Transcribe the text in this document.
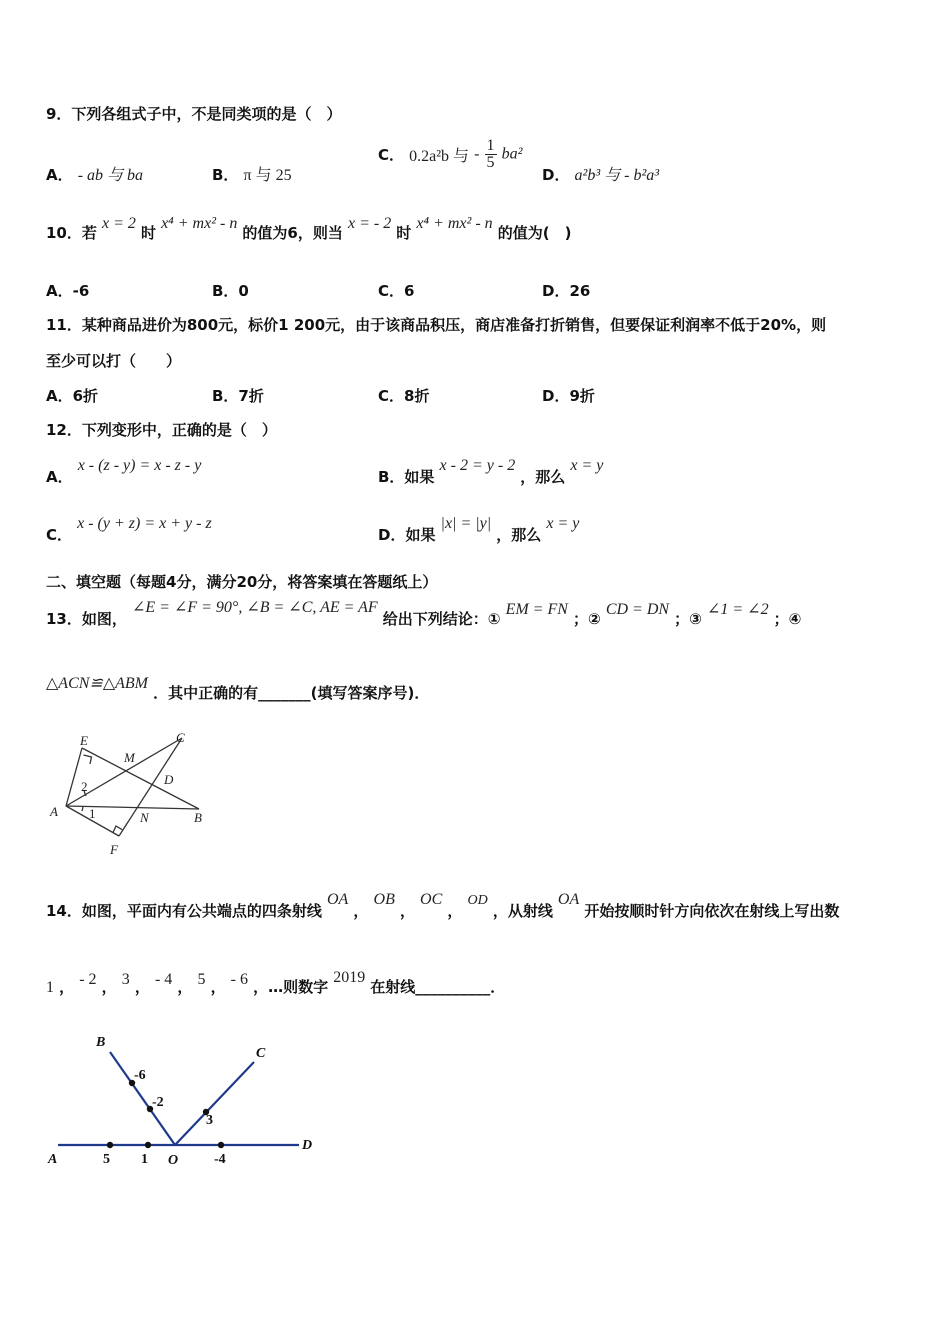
9．下列各组式子中，不是同类项的是（　）
A． - ab 与 ba	B． π 与 25
C． 0.2a²b 与 - $\frac{1}{5} ba^2$
D． a²b³ 与 - b²a³
10．若 x = 2 时 x⁴ + mx² - n 的值为6，则当 x = - 2 时 x⁴ + mx² - n 的值为(　)
A．-6	B．0	C．6	D．26
11．某种商品进价为800元，标价1 200元，由于该商品积压，商店准备打折销售，但要保证利润率不低于20%，则
至少可以打（　　）
A．6折	B．7折	C．8折	D．9折
12．下列变形中，正确的是（　）
A． x - (z - y) = x - z - y
B．如果 x - 2 = y - 2 ，那么 x = y
C． x - (y + z) = x + y - z
D．如果 |x| = |y| ，那么 x = y
二、填空题（每题4分，满分20分，将答案填在答题纸上）
13．如图， ∠E = ∠F = 90°, ∠B = ∠C, AE = AF 给出下列结论：① EM = FN ；② CD = DN ；③ ∠1 = ∠2 ；④
△ACN≌△ABM ．其中正确的有_______(填写答案序号)．
E
M
C
2	D
A 1	N	B
F
14．如图，平面内有公共端点的四条射线 OA ， OB ， OC ， OD ，从射线 OA 开始按顺时针方向依次在射线上写出数
1 ， - 2 ， 3 ， - 4 ， 5 ， - 6 ，…则数字 2019 在射线__________．
B
C
-6
-2
3
A	5 1 O	-4
D
